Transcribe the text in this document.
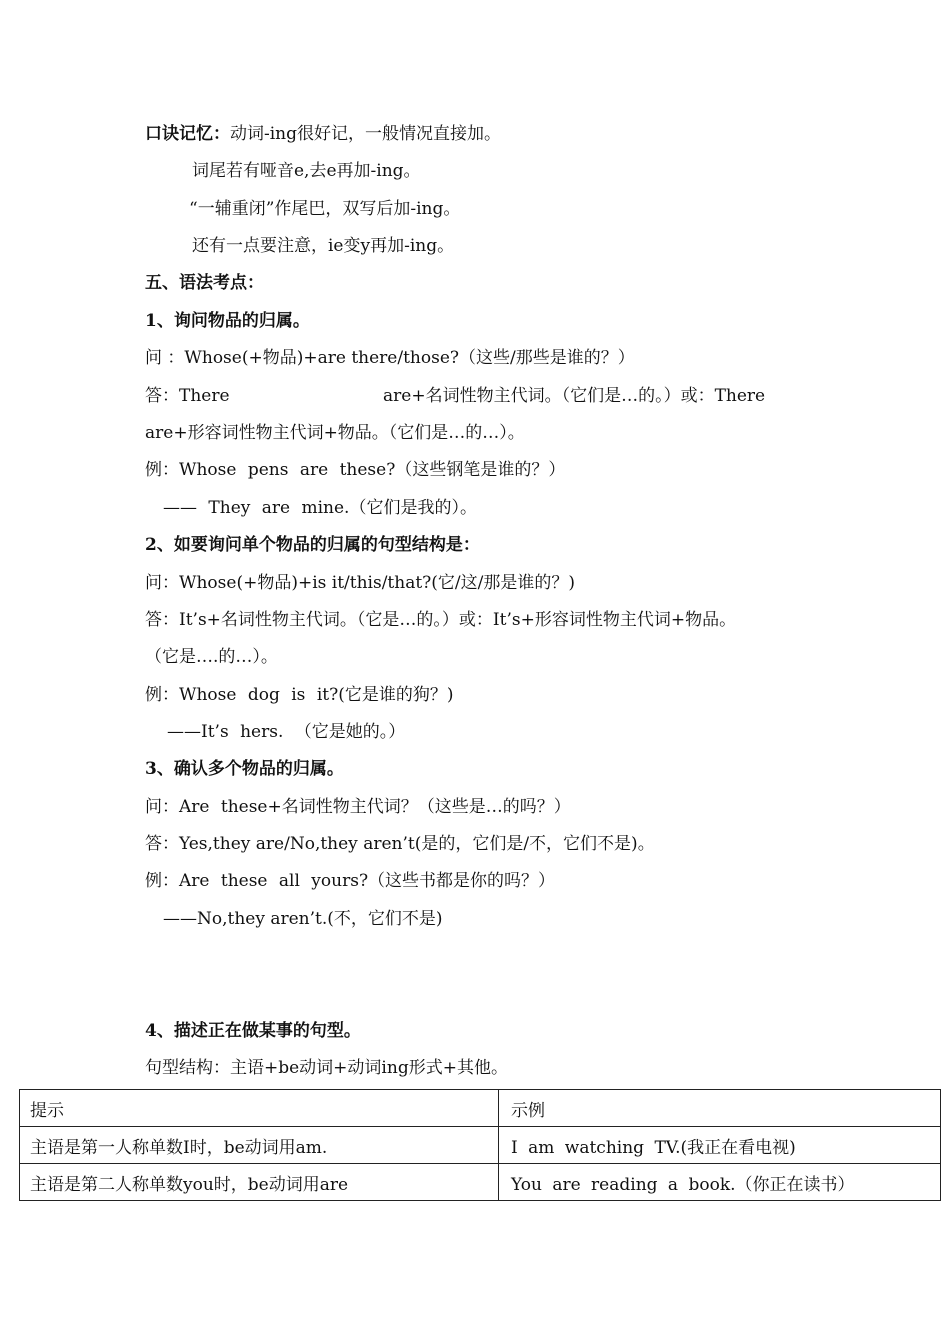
口诀记忆：动词-ing很好记，一般情况直接加。
词尾若有哑音e,去e再加-ing。
“一辅重闭”作尾巴，双写后加-ing。
还有一点要注意，ie变y再加-ing。
五、语法考点：
1、询问物品的归属。
问 ：Whose(+物品)+are there/those?（这些/那些是谁的？）
答：There	are+名词性物主代词。（它们是…的。）或：There
are+形容词性物主代词+物品。（它们是…的…）。
例：Whose pens are these?（这些钢笔是谁的？）
—— They are mine.（它们是我的）。
2、如要询问单个物品的归属的句型结构是：
问：Whose(+物品)+is it/this/that?(它/这/那是谁的？)
答：It’s+名词性物主代词。（它是…的。）或：It’s+形容词性物主代词+物品。
（它是….的…）。
例：Whose dog is it?(它是谁的狗？)
——It’s hers. （它是她的。）
3、确认多个物品的归属。
问：Are these+名词性物主代词？（这些是…的吗？）
答：Yes,they are/No,they aren’t(是的，它们是/不，它们不是)。
例：Are these all yours?（这些书都是你的吗？）
——No,they aren’t.(不，它们不是)
4、描述正在做某事的句型。
句型结构：主语+be动词+动词ing形式+其他。
提示	示例
主语是第一人称单数I时，be动词用am.	I am watching TV.(我正在看电视)
主语是第二人称单数you时，be动词用are	You are reading a book.（你正在读书）
